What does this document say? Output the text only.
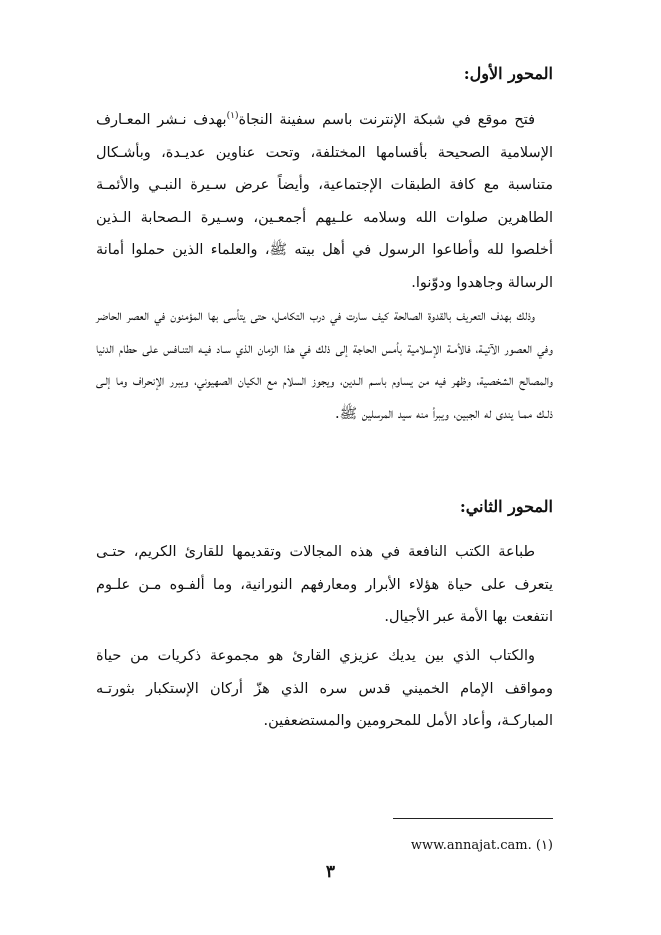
المحور الأول:

فتح موقع في شبكة الإنترنت باسم سفينة النجاة$^{(١)}$بهدف نـشر المعـارف الإسلامية الصحيحة بأقسامها المختلفة، وتحت عناوين عديـدة، وبأشـكال متناسبة مع كافة الطبقات الإجتماعية، وأيضاً عرض سـيرة النبـي والأئمـة الطاهرين صلوات الله وسلامه علـيهم أجمعـين، وسـيرة الـصحابة الـذين أخلصوا لله وأطاعوا الرسول في أهل بيته ﷺ، والعلماء الذين حملوا أمانة الرسالة وجاهدوا ودوّنوا.

وذلك بهدف التعريف بالقدوة الصالحة كيف سارت في درب التكامـل، حتى يتأسى بها المؤمنون في العصر الحاضر وفي العصور الآتيـة، فالأمـة الإسلامية بأمس الحاجة إلى ذلك في هذا الزمان الذي سـاد فيـه التنـافس على حطام الدنيا والمصالح الشخصية، وظهر فيه من يساوم باسـم الـدين، ويجوز السلام مع الكيان الصهيوني، ويبرر الإنحراف وما إلـى ذلـك ممـا يندى له الجبين، ويبرأ منه سيد المرسلين ﷺ.

المحور الثاني:

طباعة الكتب النافعة في هذه المجالات وتقديمها للقارئ الكريم، حتـى يتعرف على حياة هؤلاء الأبرار ومعارفهم النورانية، وما ألفـوه مـن علـوم انتفعت بها الأمة عبر الأجيال.

والكتاب الذي بين يديك عزيزي القارئ هو مجموعة ذكريات من حياة ومواقف الإمام الخميني قدس سره الذي هزّ أركان الإستكبار بثورتـه المباركـة، وأعاد الأمل للمحرومين والمستضعفين.

(١) www.annajat.cam.
٣
